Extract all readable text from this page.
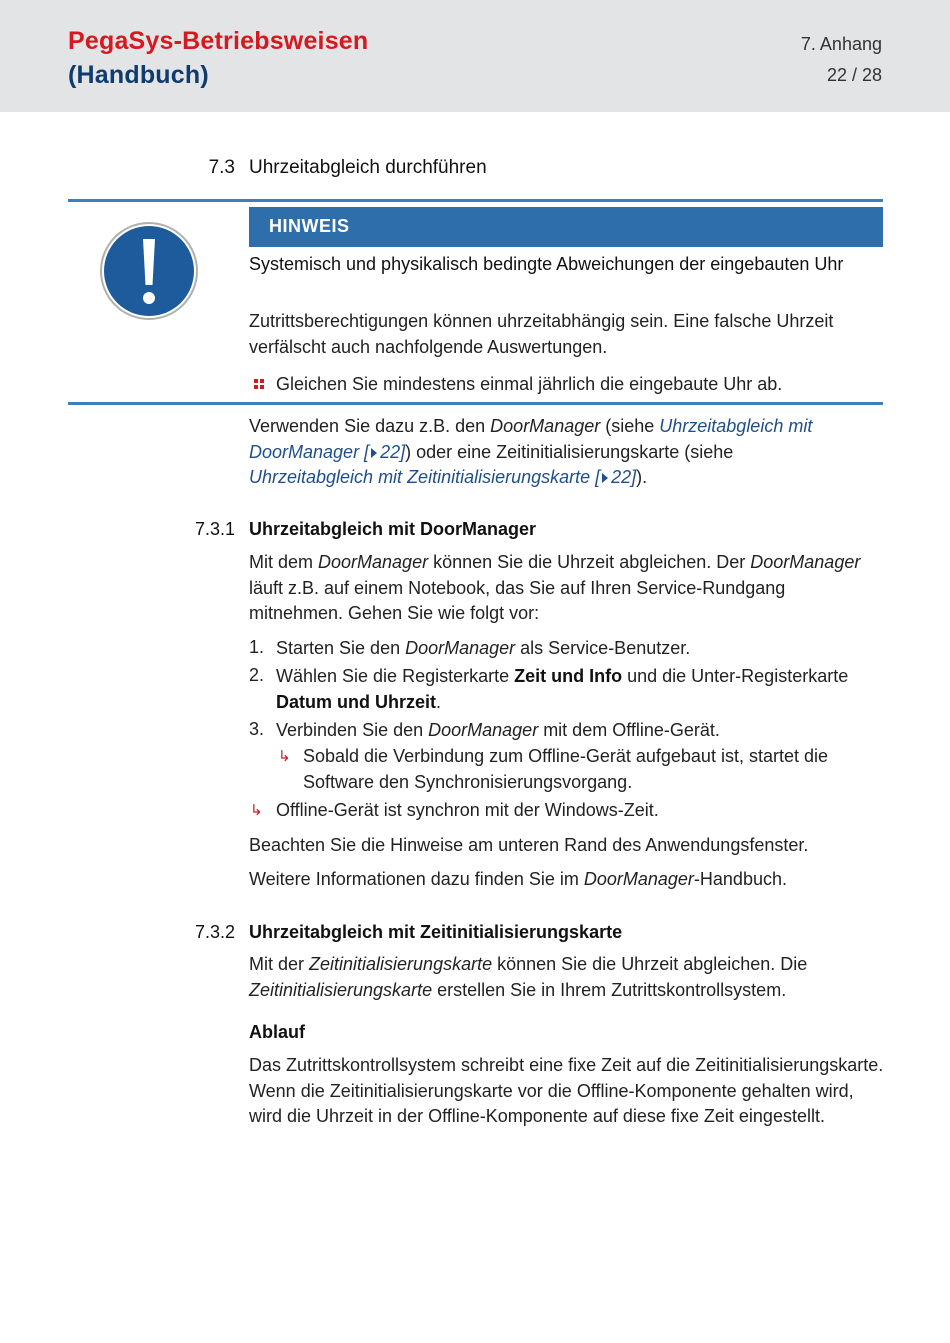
PegaSys-Betriebsweisen
(Handbuch)
7. Anhang
22 / 28
7.3 Uhrzeitabgleich durchführen
HINWEIS
Systemisch und physikalisch bedingte Abweichungen der eingebauten Uhr
Zutrittsberechtigungen können uhrzeitabhängig sein. Eine falsche Uhrzeit verfälscht auch nachfolgende Auswertungen.
Gleichen Sie mindestens einmal jährlich die eingebaute Uhr ab.
Verwenden Sie dazu z.B. den DoorManager (siehe Uhrzeitabgleich mit
DoorManager [ 22]) oder eine Zeitinitialisierungskarte (siehe
Uhrzeitabgleich mit Zeitinitialisierungskarte [ 22]).
7.3.1 Uhrzeitabgleich mit DoorManager
Mit dem DoorManager können Sie die Uhrzeit abgleichen. Der DoorManager
läuft z.B. auf einem Notebook, das Sie auf Ihren Service-Rundgang
mitnehmen. Gehen Sie wie folgt vor:
1. Starten Sie den DoorManager als Service-Benutzer.
2. Wählen Sie die Registerkarte Zeit und Info und die Unter-Registerkarte
Datum und Uhrzeit.
3. Verbinden Sie den DoorManager mit dem Offline-Gerät.
↳ Sobald die Verbindung zum Offline-Gerät aufgebaut ist, startet die Software den Synchronisierungsvorgang.
↳ Offline-Gerät ist synchron mit der Windows-Zeit.
Beachten Sie die Hinweise am unteren Rand des Anwendungsfenster.
Weitere Informationen dazu finden Sie im DoorManager-Handbuch.
7.3.2 Uhrzeitabgleich mit Zeitinitialisierungskarte
Mit der Zeitinitialisierungskarte können Sie die Uhrzeit abgleichen. Die
Zeitinitialisierungskarte erstellen Sie in Ihrem Zutrittskontrollsystem.
Ablauf
Das Zutrittskontrollsystem schreibt eine fixe Zeit auf die Zeitinitialisierungskarte. Wenn die Zeitinitialisierungskarte vor die Offline-Komponente gehalten wird, wird die Uhrzeit in der Offline-Komponente auf diese fixe Zeit eingestellt.
